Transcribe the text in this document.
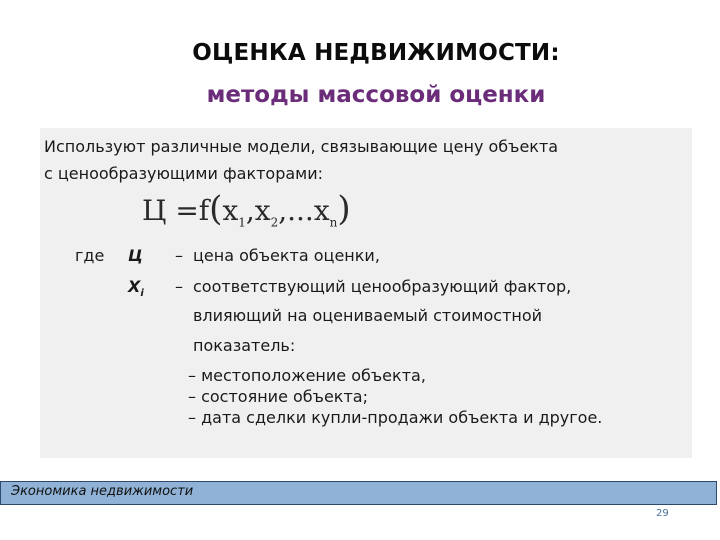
ОЦЕНКА НЕДВИЖИМОСТИ:
методы массовой оценки
Используют различные модели, связывающие цену объекта
с ценообразующими факторами:
$Ц =f(x_1,x_2,...x_n)$
где Ц – цена объекта оценки,
$X_i$ – соответствующий ценообразующий фактор,
влияющий на оцениваемый стоимостной
показатель:
– местоположение объекта,
– состояние объекта;
– дата сделки купли-продажи объекта и другое.
Экономика недвижимости
29
